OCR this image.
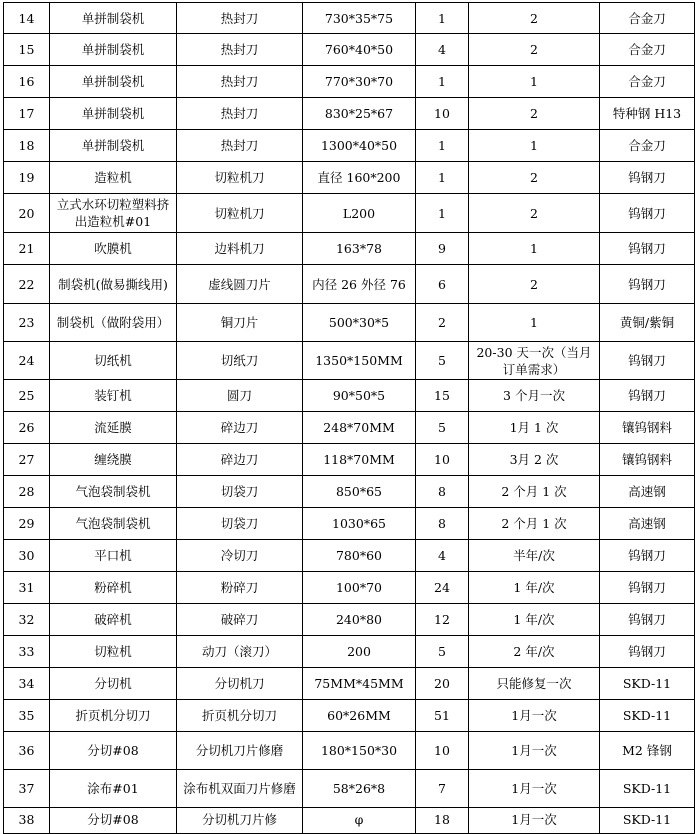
14	单拼制袋机	热封刀	730*35*75	1	2	合金刀
15	单拼制袋机	热封刀	760*40*50	4	2	合金刀
16	单拼制袋机	热封刀	770*30*70	1	1	合金刀
17	单拼制袋机	热封刀	830*25*67	10	2	特种钢 H13
18	单拼制袋机	热封刀	1300*40*50	1	1	合金刀
19	造粒机	切粒机刀	直径 160*200	1	2	钨钢刀
20	立式水环切粒塑料挤出造粒机#01	切粒机刀	L200	1	2	钨钢刀
21	吹膜机	边料机刀	163*78	9	1	钨钢刀
22	制袋机(做易撕线用)	虚线圆刀片	内径 26 外径 76	6	2	钨钢刀
23	制袋机（做附袋用）	铜刀片	500*30*5	2	1	黄铜/紫铜
24	切纸机	切纸刀	1350*150MM	5	20-30 天一次（当月订单需求）	钨钢刀
25	装钉机	圆刀	90*50*5	15	3 个月一次	钨钢刀
26	流延膜	碎边刀	248*70MM	5	1月 1 次	镶钨钢料
27	缠绕膜	碎边刀	118*70MM	10	3月 2 次	镶钨钢料
28	气泡袋制袋机	切袋刀	850*65	8	2 个月 1 次	高速钢
29	气泡袋制袋机	切袋刀	1030*65	8	2 个月 1 次	高速钢
30	平口机	冷切刀	780*60	4	半年/次	钨钢刀
31	粉碎机	粉碎刀	100*70	24	1 年/次	钨钢刀
32	破碎机	破碎刀	240*80	12	1 年/次	钨钢刀
33	切粒机	动刀（滚刀）	200	5	2 年/次	钨钢刀
34	分切机	分切机刀	75MM*45MM	20	只能修复一次	SKD-11
35	折页机分切刀	折页机分切刀	60*26MM	51	1月一次	SKD-11
36	分切#08	分切机刀片修磨	180*150*30	10	1月一次	M2 锋钢
37	涂布#01	涂布机双面刀片修磨	58*26*8	7	1月一次	SKD-11
38	分切#08	分切机刀片修	φ	18	1月一次	SKD-11
